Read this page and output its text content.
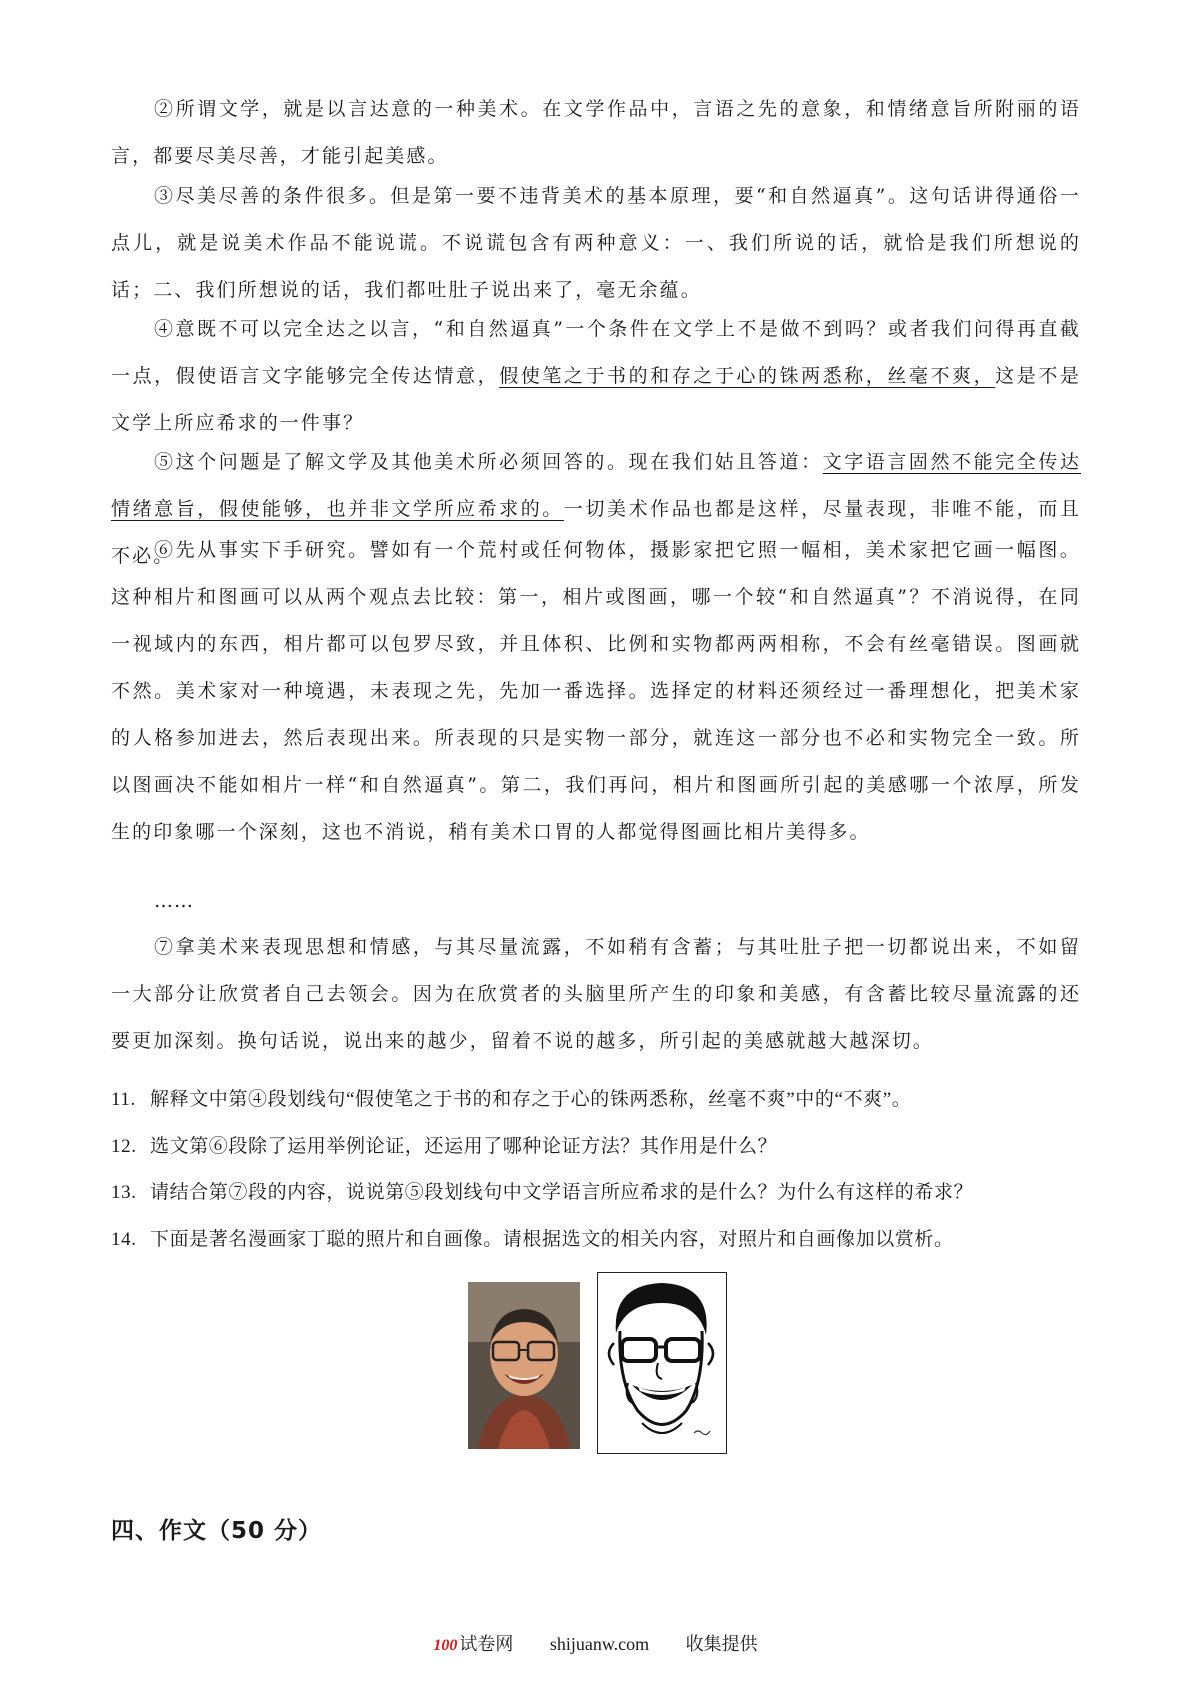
②所谓文学，就是以言达意的一种美术。在文学作品中，言语之先的意象，和情绪意旨所附丽的语言，都要尽美尽善，才能引起美感。

③尽美尽善的条件很多。但是第一要不违背美术的基本原理，要“和自然逼真”。这句话讲得通俗一点儿，就是说美术作品不能说谎。不说谎包含有两种意义：一、我们所说的话，就恰是我们所想说的话；二、我们所想说的话，我们都吐肚子说出来了，毫无余蕴。

④意既不可以完全达之以言，“和自然逼真”一个条件在文学上不是做不到吗？或者我们问得再直截一点，假使语言文字能够完全传达情意，假使笔之于书的和存之于心的铢两悉称，丝毫不爽，这是不是文学上所应希求的一件事？

⑤这个问题是了解文学及其他美术所必须回答的。现在我们姑且答道：文字语言固然不能完全传达情绪意旨，假使能够，也并非文学所应希求的。一切美术作品也都是这样，尽量表现，非唯不能，而且不必。

⑥先从事实下手研究。譬如有一个荒村或任何物体，摄影家把它照一幅相，美术家把它画一幅图。这种相片和图画可以从两个观点去比较：第一，相片或图画，哪一个较“和自然逼真”？不消说得，在同一视域内的东西，相片都可以包罗尽致，并且体积、比例和实物都两两相称，不会有丝毫错误。图画就不然。美术家对一种境遇，未表现之先，先加一番选择。选择定的材料还须经过一番理想化，把美术家的人格参加进去，然后表现出来。所表现的只是实物一部分，就连这一部分也不必和实物完全一致。所以图画决不能如相片一样“和自然逼真”。第二，我们再问，相片和图画所引起的美感哪一个浓厚，所发生的印象哪一个深刻，这也不消说，稍有美术口胃的人都觉得图画比相片美得多。

……

⑦拿美术来表现思想和情感，与其尽量流露，不如稍有含蓄；与其吐肚子把一切都说出来，不如留一大部分让欣赏者自己去领会。因为在欣赏者的头脑里所产生的印象和美感，有含蓄比较尽量流露的还要更加深刻。换句话说，说出来的越少，留着不说的越多，所引起的美感就越大越深切。

11. 解释文中第④段划线句“假使笔之于书的和存之于心的铢两悉称，丝毫不爽”中的“不爽”。
12. 选文第⑥段除了运用举例论证，还运用了哪种论证方法？其作用是什么？
13. 请结合第⑦段的内容，说说第⑤段划线句中文学语言所应希求的是什么？为什么有这样的希求？
14. 下面是著名漫画家丁聪的照片和自画像。请根据选文的相关内容，对照片和自画像加以赏析。
四、作文（50 分）
100 试卷网 shijuanw.com 收集提供
